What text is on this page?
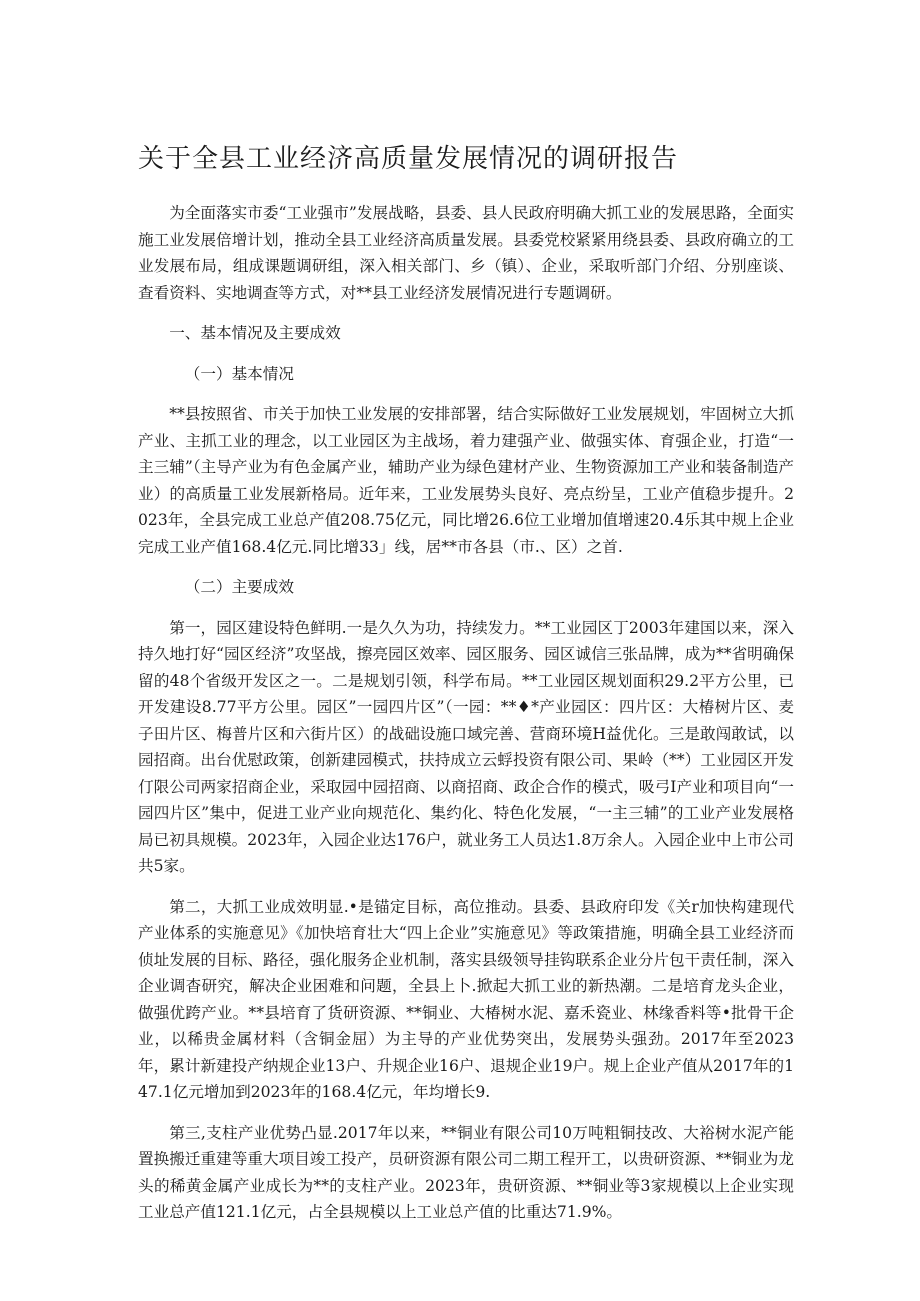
关于全县工业经济高质量发展情况的调研报告

为全面落实市委“工业强市”发展战略，县委、县人民政府明确大抓工业的发展思路，全面实施工业发展倍增计划，推动全县工业经济高质量发展。县委党校紧紧用绕县委、县政府确立的工业发展布局，组成课题调研组，深入相关部门、乡（镇）、企业，采取听部门介绍、分别座谈、查看资料、实地调查等方式，对**县工业经济发展情况进行专题调研。

一、基本情况及主要成效

（一）基本情况

**县按照省、市关于加快工业发展的安排部署，结合实际做好工业发展规划，牢固树立大抓产业、主抓工业的理念，以工业园区为主战场，着力建强产业、做强实体、育强企业，打造“一主三辅”（主导产业为有色金属产业，辅助产业为绿色建材产业、生物资源加工产业和装备制造产业）的高质量工业发展新格局。近年来，工业发展势头良好、亮点纷呈，工业产值稳步提升。2023年，全县完成工业总产值208.75亿元，同比增26.6位工业增加值增速20.4乐其中规上企业完成工业产值168.4亿元.同比增33」线，居**市各县（市.、区）之首.

（二）主要成效

第一，园区建设特色鲜明.一是久久为功，持续发力。**工业园区丁2003年建国以来，深入持久地打好“园区经济”攻坚战，擦亮园区效率、园区服务、园区诚信三张品牌，成为**省明确保留的48个省级开发区之一。二是规划引领，科学布局。**工业园区规划面积29.2平方公里，已开发建设8.77平方公里。园区”一园四片区”（一园：**♦*产业园区：四片区：大椿树片区、麦子田片区、梅普片区和六街片区）的战础设施口域完善、营商环境H益优化。三是敢闯敢试，以园招商。出台优慰政策，创新建园模式，扶持成立云蜉投资有限公司、果岭（**）工业园区开发仃限公司两家招商企业，采取园中园招商、以商招商、政企合作的模式，吸弓I产业和项目向“一园四片区”集中，促进工业产业向规范化、集约化、特色化发展，“一主三辅”的工业产业发展格局已初具规模。2023年，入园企业达176户，就业务工人员达1.8万余人。入园企业中上市公司共5家。

第二，大抓工业成效明显.•是锚定目标，高位推动。县委、县政府印发《关r加快构建现代产业体系的实施意见》《加快培育壮大“四上企业”实施意见》等政策措施，明确全县工业经济而侦址发展的目标、路径，强化服务企业机制，落实县级领导挂钩联系企业分片包干责任制，深入企业调杳研究，解决企业困难和问题，全县上卜.掀起大抓工业的新热潮。二是培育龙头企业，做强优跨产业。**县培育了货研资源、**铜业、大椿树水泥、嘉禾瓷业、林缘香料等•批骨干企业，以稀贵金属材料（含铜金屈）为主导的产业优势突出，发展势头强劲。2017年至2023年，累计新建投产纳规企业13户、升规企业16户、退规企业19户。规上企业产值从2017年的147.1亿元增加到2023年的168.4亿元，年均增长9.

第三,支柱产业优势凸显.2017年以来，**铜业有限公司10万吨粗铜技改、大裕树水泥产能置换搬迁重建等重大项目竣工投产，员研资源有限公司二期工程开工，以贵研资源、**铜业为龙头的稀黄金属产业成长为**的支柱产业。2023年，贵研资源、**铜业等3家规模以上企业实现工业总产值121.1亿元，占全县规模以上工业总产值的比重达71.9%。
